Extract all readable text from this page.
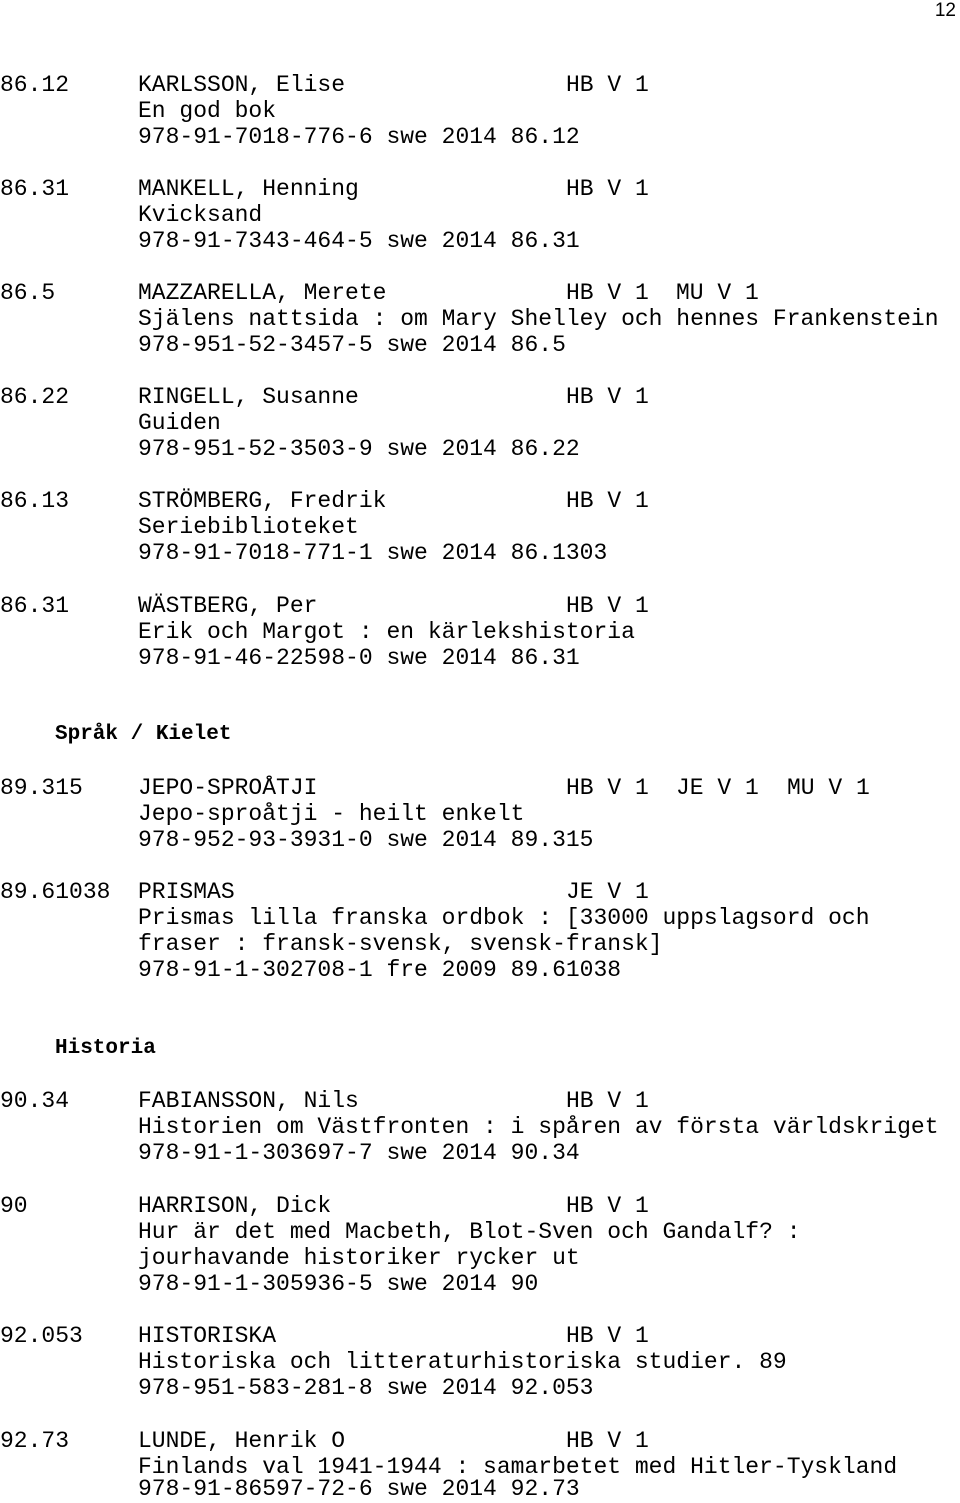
12
86.12	KARLSSON, Elise	HB V 1
En god bok
978-91-7018-776-6 swe 2014 86.12
86.31	MANKELL, Henning	HB V 1
Kvicksand
978-91-7343-464-5 swe 2014 86.31
86.5	MAZZARELLA, Merete	HB V 1 MU V 1
Själens nattsida : om Mary Shelley och hennes Frankenstein
978-951-52-3457-5 swe 2014 86.5
86.22	RINGELL, Susanne	HB V 1
Guiden
978-951-52-3503-9 swe 2014 86.22
86.13	STRÖMBERG, Fredrik	HB V 1
Seriebiblioteket
978-91-7018-771-1 swe 2014 86.1303
86.31	WÄSTBERG, Per	HB V 1
Erik och Margot : en kärlekshistoria
978-91-46-22598-0 swe 2014 86.31
Språk / Kielet
89.315 JEPO-SPROÅTJI	HB V 1 JE V 1 MU V 1
Jepo-sproåtji - heilt enkelt
978-952-93-3931-0 swe 2014 89.315
89.61038 PRISMAS	JE V 1
Prismas lilla franska ordbok : [33000 uppslagsord och
fraser : fransk-svensk, svensk-fransk]
978-91-1-302708-1 fre 2009 89.61038
Historia
90.34	FABIANSSON, Nils	HB V 1
Historien om Västfronten : i spåren av första världskriget
978-91-1-303697-7 swe 2014 90.34
90	HARRISON, Dick	HB V 1
Hur är det med Macbeth, Blot-Sven och Gandalf? :
jourhavande historiker rycker ut
978-91-1-305936-5 swe 2014 90
92.053 HISTORISKA	HB V 1
Historiska och litteraturhistoriska studier. 89
978-951-583-281-8 swe 2014 92.053
92.73	LUNDE, Henrik O	HB V 1
Finlands val 1941-1944 : samarbetet med Hitler-Tyskland
978-91-86597-72-6 swe 2014 92.73
